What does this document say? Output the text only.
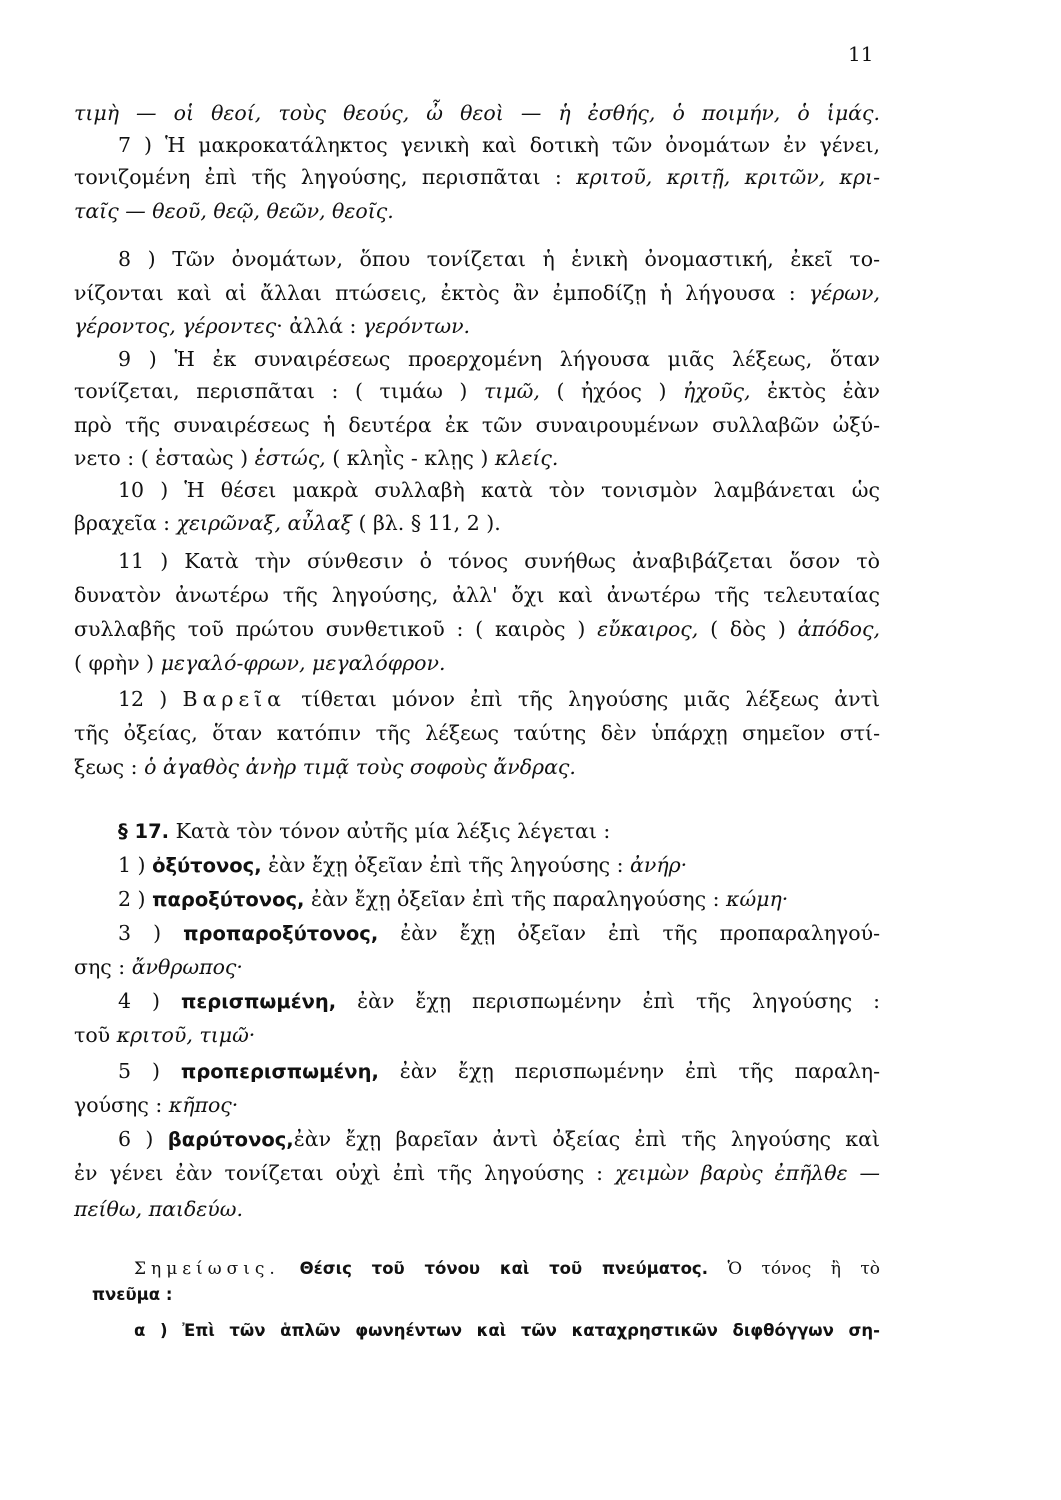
11
τιμὴ — οἱ θεοί, τοὺς θεούς, ὦ θεοὶ — ἡ ἐσθής, ὁ ποιμήν, ὁ ἱμάς.
7 ) Ἡ μακροκατάληκτος γενικὴ καὶ δοτικὴ τῶν ὀνομάτων ἐν γένει,
τονιζομένη ἐπὶ τῆς ληγούσης, περισπᾶται : κριτοῦ, κριτῇ, κριτῶν, κρι-
ταῖς — θεοῦ, θεῷ, θεῶν, θεοῖς.
8 ) Τῶν ὀνομάτων, ὅπου τονίζεται ἡ ἑνικὴ ὀνομαστική, ἐκεῖ το-
νίζονται καὶ αἱ ἄλλαι πτώσεις, ἐκτὸς ἂν ἐμποδίζῃ ἡ λήγουσα : γέρων,
γέροντος, γέροντες· ἀλλά : γερόντων.
9 ) Ἡ ἐκ συναιρέσεως προερχομένη λήγουσα μιᾶς λέξεως, ὅταν
τονίζεται, περισπᾶται : ( τιμάω ) τιμῶ, ( ἠχόος ) ἠχοῦς, ἐκτὸς ἐὰν
πρὸ τῆς συναιρέσεως ἡ δευτέρα ἐκ τῶν συναιρουμένων συλλαβῶν ὠξύ-
νετο : ( ἑσταὼς ) ἑστώς, ( κληῒς - κλῃς ) κλείς.
10 ) Ἡ θέσει μακρὰ συλλαβὴ κατὰ τὸν τονισμὸν λαμβάνεται ὡς
βραχεῖα : χειρῶναξ, αὖλαξ ( βλ. § 11, 2 ).
11 ) Κατὰ τὴν σύνθεσιν ὁ τόνος συνήθως ἀναβιβάζεται ὅσον τὸ
δυνατὸν ἀνωτέρω τῆς ληγούσης, ἀλλ' ὄχι καὶ ἀνωτέρω τῆς τελευταίας
συλλαβῆς τοῦ πρώτου συνθετικοῦ : ( καιρὸς ) εὔκαιρος, ( δὸς ) ἀπόδος,
( φρὴν ) μεγαλό-φρων, μεγαλόφρον.
12 ) Βαρεῖα τίθεται μόνον ἐπὶ τῆς ληγούσης μιᾶς λέξεως ἀντὶ
τῆς ὀξείας, ὅταν κατόπιν τῆς λέξεως ταύτης δὲν ὑπάρχῃ σημεῖον στί-
ξεως : ὁ ἀγαθὸς ἀνὴρ τιμᾷ τοὺς σοφοὺς ἄνδρας.
§ 17. Κατὰ τὸν τόνον αὐτῆς μία λέξις λέγεται :
1 ) ὀξύτονος, ἐὰν ἔχῃ ὀξεῖαν ἐπὶ τῆς ληγούσης : ἀνήρ·
2 ) παροξύτονος, ἐὰν ἔχῃ ὀξεῖαν ἐπὶ τῆς παραληγούσης : κώμη·
3 ) προπαροξύτονος, ἐὰν ἔχῃ ὀξεῖαν ἐπὶ τῆς προπαραληγού-
σης : ἄνθρωπος·
4 ) περισπωμένη, ἐὰν ἔχῃ περισπωμένην ἐπὶ τῆς ληγούσης :
τοῦ κριτοῦ, τιμῶ·
5 ) προπερισπωμένη, ἐὰν ἔχῃ περισπωμένην ἐπὶ τῆς παραλη-
γούσης : κῆπος·
6 ) βαρύτονος,ἐὰν ἔχῃ βαρεῖαν ἀντὶ ὀξείας ἐπὶ τῆς ληγούσης καὶ
ἐν γένει ἐὰν τονίζεται οὐχὶ ἐπὶ τῆς ληγούσης : χειμὼν βαρὺς ἐπῆλθε —
πείθω, παιδεύω.
Σημείωσις. Θέσις τοῦ τόνου καὶ τοῦ πνεύματος. Ὁ τόνος ἢ τὸ
πνεῦμα :
α ) Ἐπὶ τῶν ἁπλῶν φωνηέντων καὶ τῶν καταχρηστικῶν διφθόγγων ση-
